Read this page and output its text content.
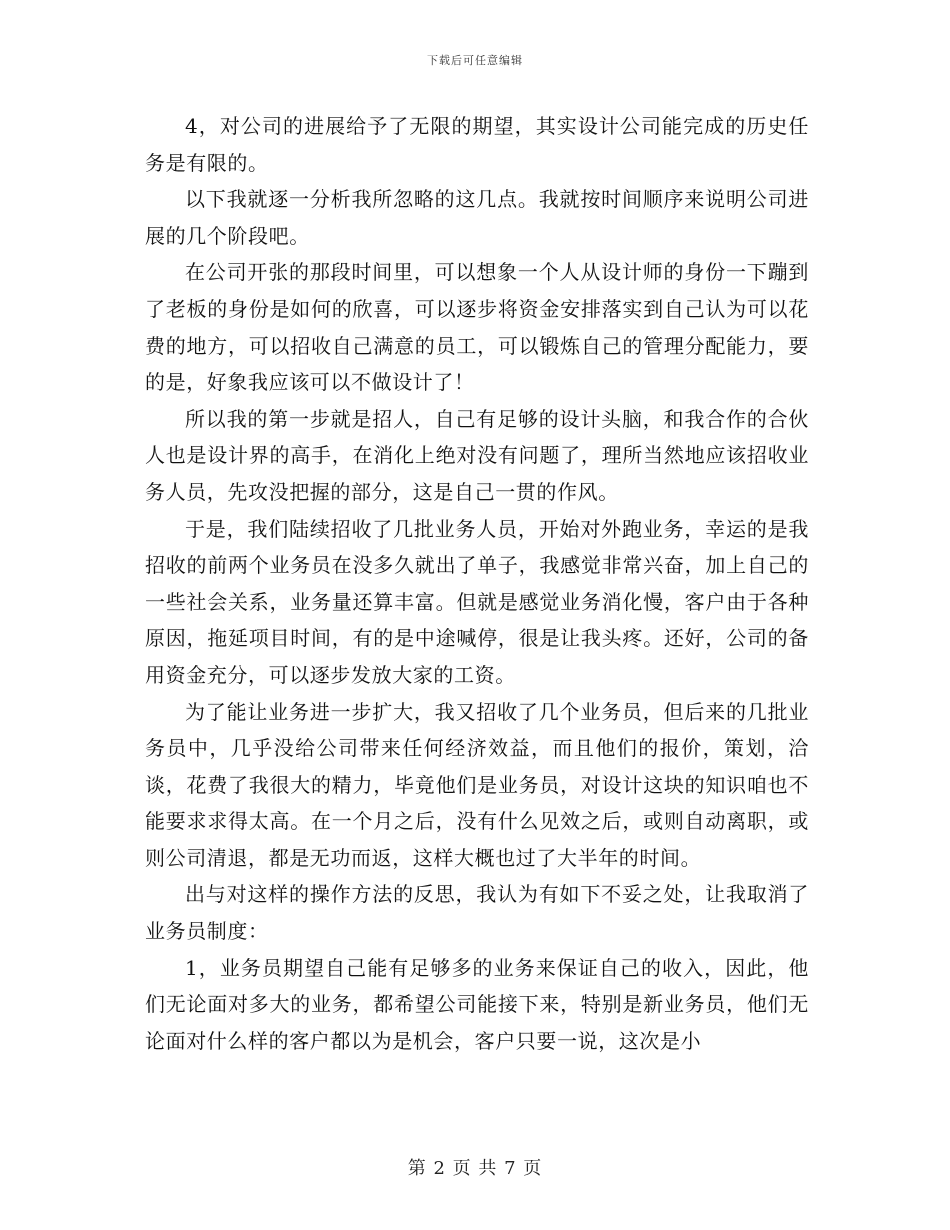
下载后可任意编辑

4，对公司的进展给予了无限的期望，其实设计公司能完成的历史任务是有限的。

以下我就逐一分析我所忽略的这几点。我就按时间顺序来说明公司进展的几个阶段吧。

在公司开张的那段时间里，可以想象一个人从设计师的身份一下蹦到了老板的身份是如何的欣喜，可以逐步将资金安排落实到自己认为可以花费的地方，可以招收自己满意的员工，可以锻炼自己的管理分配能力，要的是，好象我应该可以不做设计了！

所以我的第一步就是招人，自己有足够的设计头脑，和我合作的合伙人也是设计界的高手，在消化上绝对没有问题了，理所当然地应该招收业务人员，先攻没把握的部分，这是自己一贯的作风。

于是，我们陆续招收了几批业务人员，开始对外跑业务，幸运的是我招收的前两个业务员在没多久就出了单子，我感觉非常兴奋，加上自己的一些社会关系，业务量还算丰富。但就是感觉业务消化慢，客户由于各种原因，拖延项目时间，有的是中途喊停，很是让我头疼。还好，公司的备用资金充分，可以逐步发放大家的工资。

为了能让业务进一步扩大，我又招收了几个业务员，但后来的几批业务员中，几乎没给公司带来任何经济效益，而且他们的报价，策划，洽谈，花费了我很大的精力，毕竟他们是业务员，对设计这块的知识咱也不能要求求得太高。在一个月之后，没有什么见效之后，或则自动离职，或则公司清退，都是无功而返，这样大概也过了大半年的时间。

出与对这样的操作方法的反思，我认为有如下不妥之处，让我取消了业务员制度：

1，业务员期望自己能有足够多的业务来保证自己的收入，因此，他们无论面对多大的业务，都希望公司能接下来，特别是新业务员，他们无论面对什么样的客户都以为是机会，客户只要一说，这次是小

第 2 页 共 7 页
